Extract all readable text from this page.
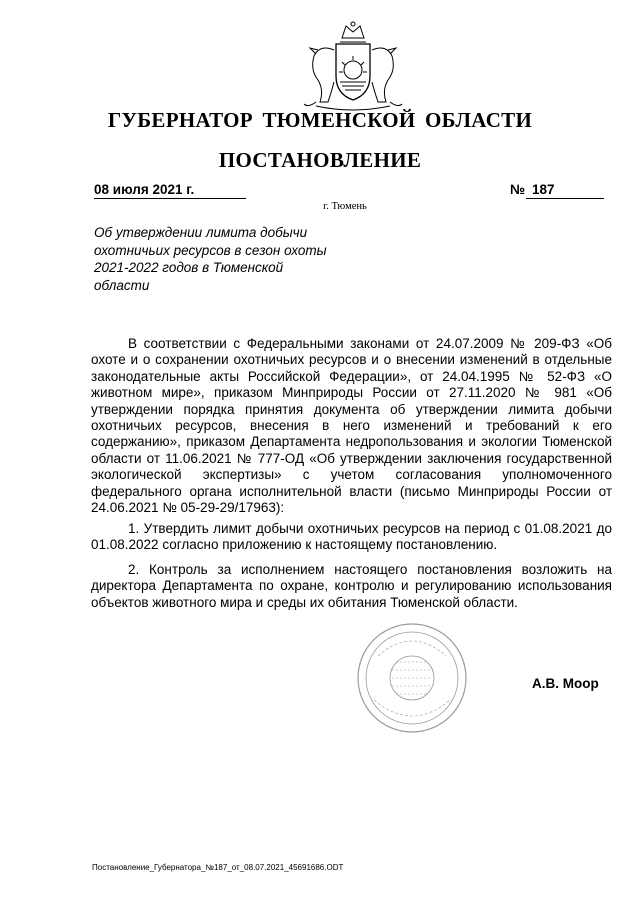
ГУБЕРНАТОР ТЮМЕНСКОЙ ОБЛАСТИ
ПОСТАНОВЛЕНИЕ
08 июля 2021 г.	№ 187
г. Тюмень
Об утверждении лимита добычи охотничьих ресурсов в сезон охоты 2021-2022 годов в Тюменской области
В соответствии с Федеральными законами от 24.07.2009 № 209-ФЗ «Об охоте и о сохранении охотничьих ресурсов и о внесении изменений в отдельные законодательные акты Российской Федерации», от 24.04.1995 № 52-ФЗ «О животном мире», приказом Минприроды России от 27.11.2020 № 981 «Об утверждении порядка принятия документа об утверждении лимита добычи охотничьих ресурсов, внесения в него изменений и требований к его содержанию», приказом Департамента недропользования и экологии Тюменской области от 11.06.2021 № 777-ОД «Об утверждении заключения государственной экологической экспертизы» с учетом согласования уполномоченного федерального органа исполнительной власти (письмо Минприроды России от 24.06.2021 № 05-29-29/17963):
1. Утвердить лимит добычи охотничьих ресурсов на период с 01.08.2021 до 01.08.2022 согласно приложению к настоящему постановлению.
2. Контроль за исполнением настоящего постановления возложить на директора Департамента по охране, контролю и регулированию использования объектов животного мира и среды их обитания Тюменской области.
А.В. Моор
Постановление_Губернатора_№187_от_08.07.2021_45691686.ODT
